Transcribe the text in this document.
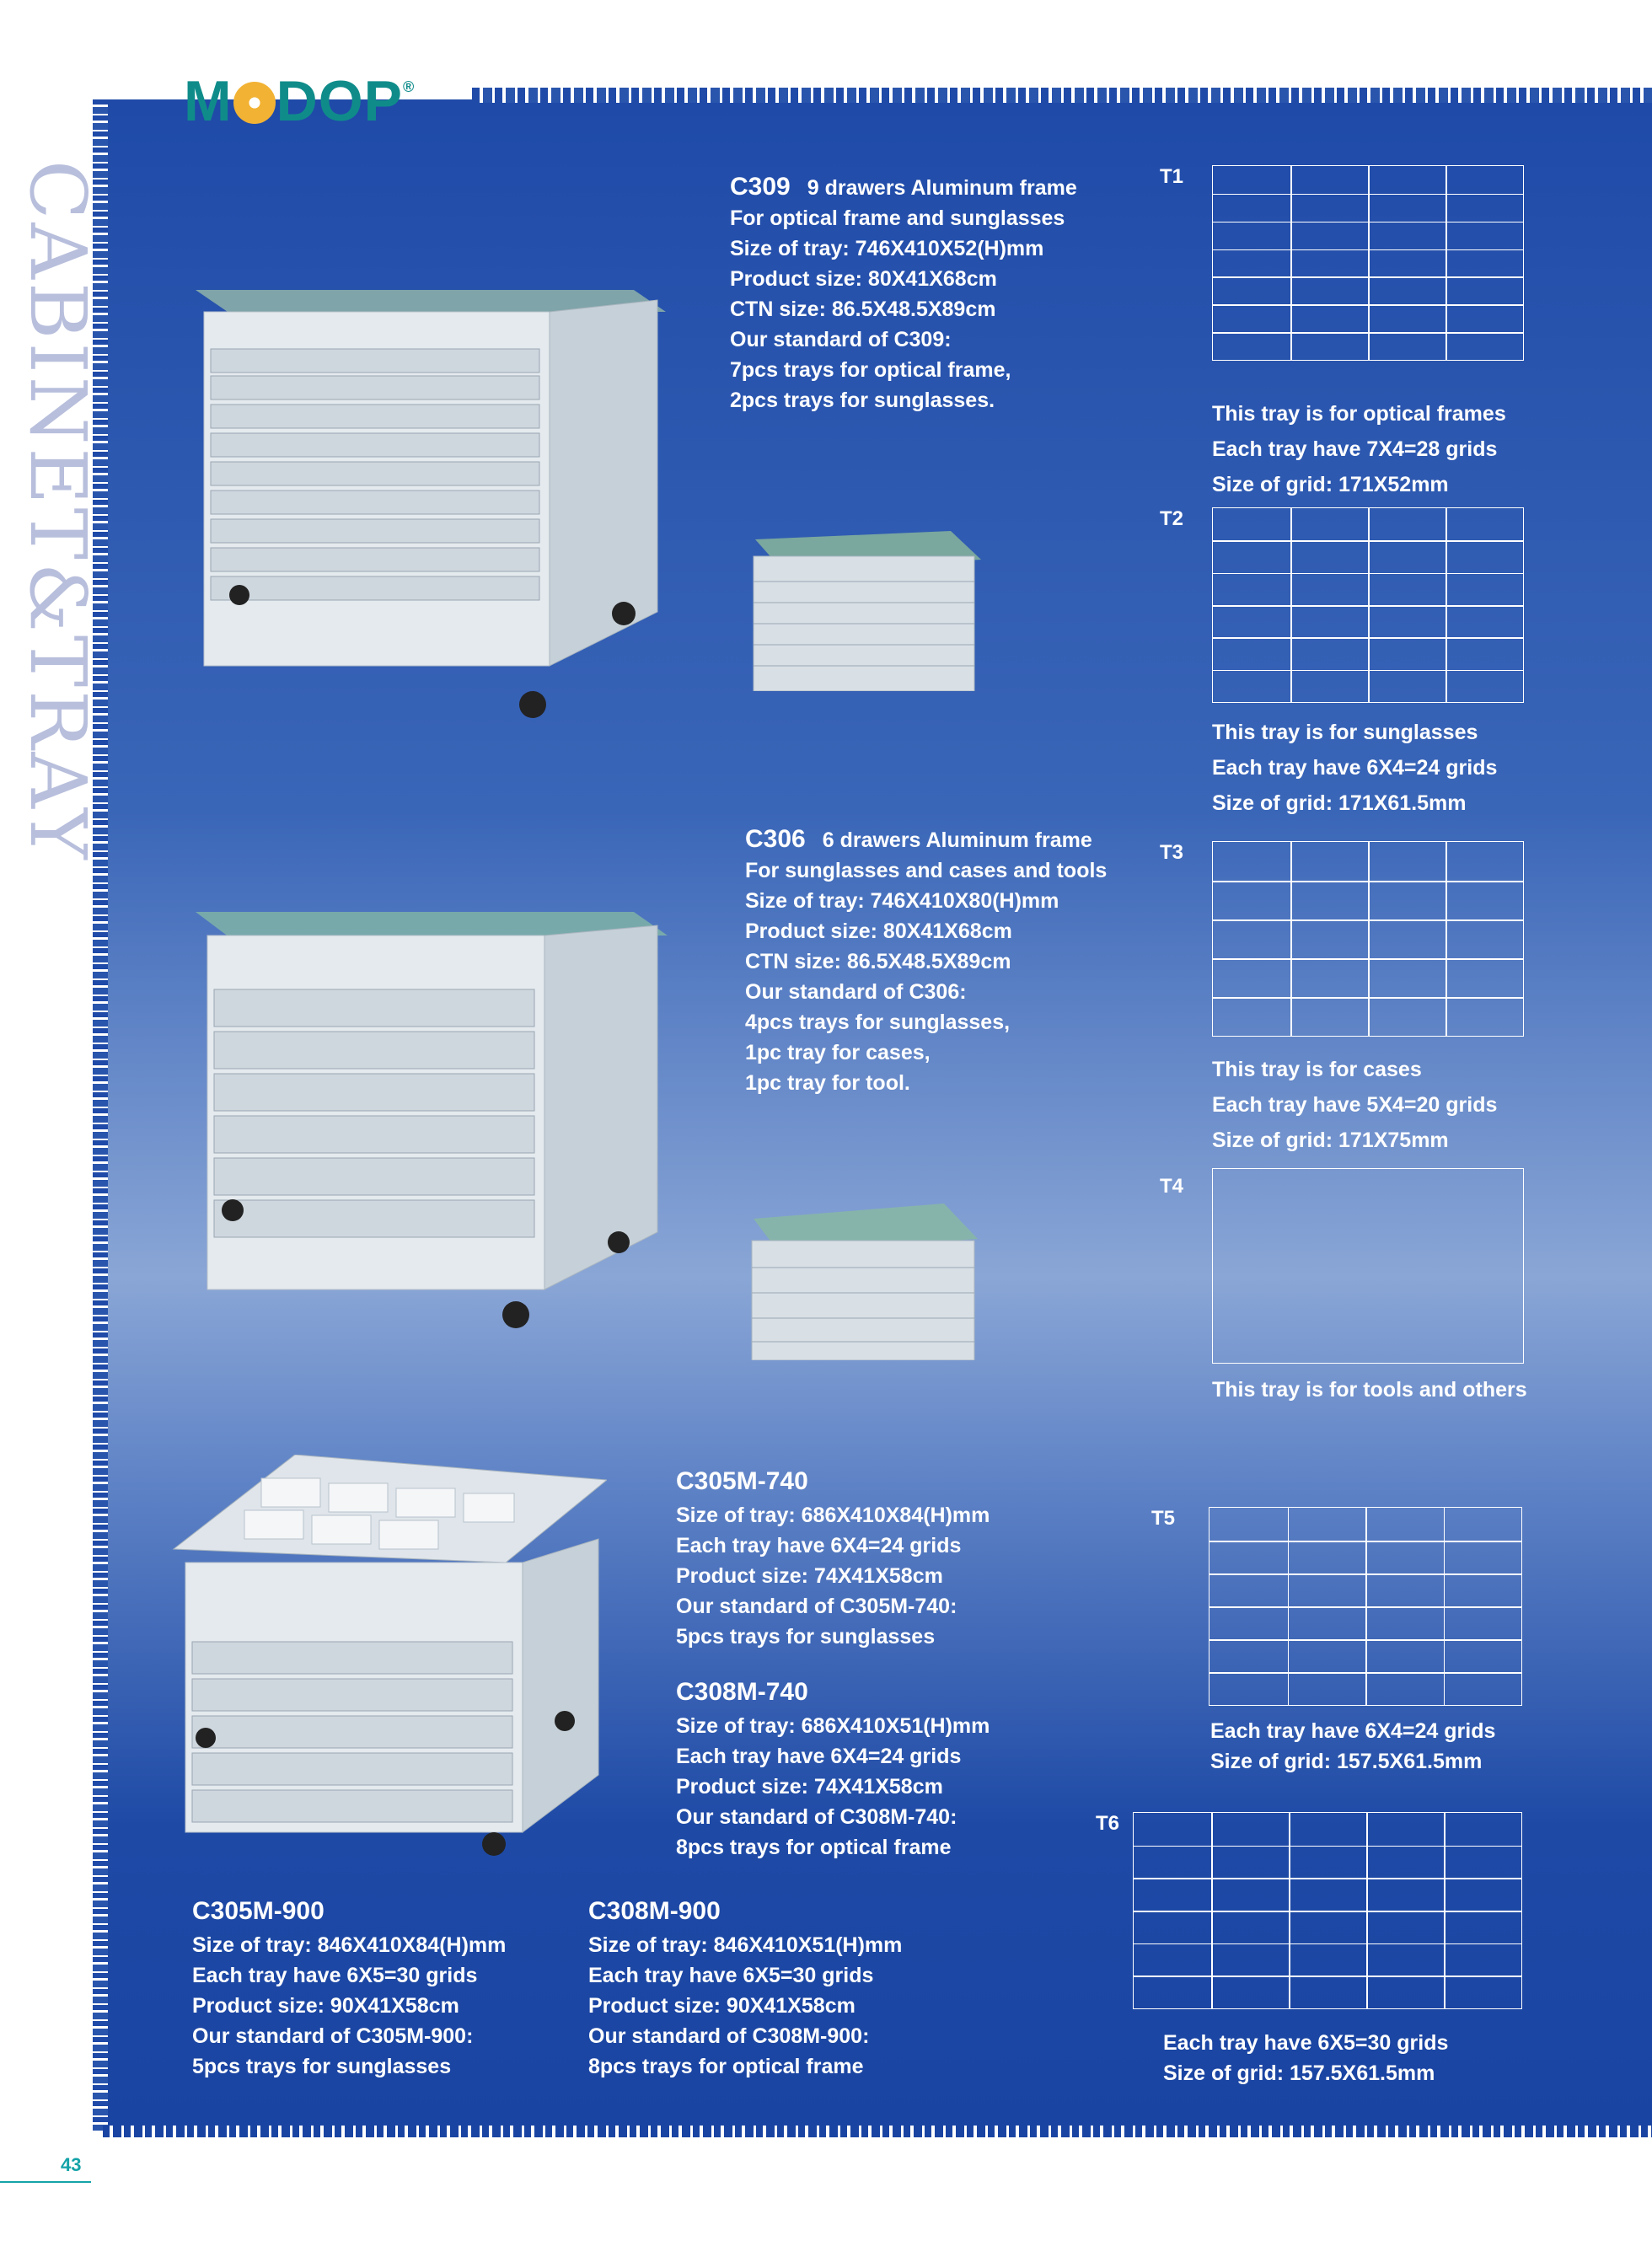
M DOP®
CABINET&TRAY	C309 9 drawers Aluminum frame
For optical frame and sunglasses
Size of tray: 746X410X52(H)mm
Product size: 80X41X68cm
CTN size: 86.5X48.5X89cm
Our standard of C309:
7pcs trays for optical frame,
2pcs trays for sunglasses.
C306 6 drawers Aluminum frame
For sunglasses and cases and tools
Size of tray: 746X410X80(H)mm
Product size: 80X41X68cm
CTN size: 86.5X48.5X89cm
Our standard of C306:
4pcs trays for sunglasses,
1pc tray for cases,
1pc tray for tool.
C305M-740
Size of tray: 686X410X84(H)mm
Each tray have 6X4=24 grids
Product size: 74X41X58cm
Our standard of C305M-740:
5pcs trays for sunglasses
C308M-740
Size of tray: 686X410X51(H)mm
Each tray have 6X4=24 grids
Product size: 74X41X58cm
Our standard of C308M-740:
8pcs trays for optical frame
C305M-900
Size of tray: 846X410X84(H)mm
Each tray have 6X5=30 grids
Product size: 90X41X58cm
Our standard of C305M-900:
5pcs trays for sunglasses
C308M-900
Size of tray: 846X410X51(H)mm
Each tray have 6X5=30 grids
Product size: 90X41X58cm
Our standard of C308M-900:
8pcs trays for optical frame
T1
This tray is for optical frames
Each tray have 7X4=28 grids
Size of grid: 171X52mm
T2
This tray is for sunglasses
Each tray have 6X4=24 grids
Size of grid: 171X61.5mm
T3
This tray is for cases
Each tray have 5X4=20 grids
Size of grid: 171X75mm
T4
This tray is for tools and others
T5
Each tray have 6X4=24 grids
Size of grid: 157.5X61.5mm
T6
Each tray have 6X5=30 grids
Size of grid: 157.5X61.5mm
43
